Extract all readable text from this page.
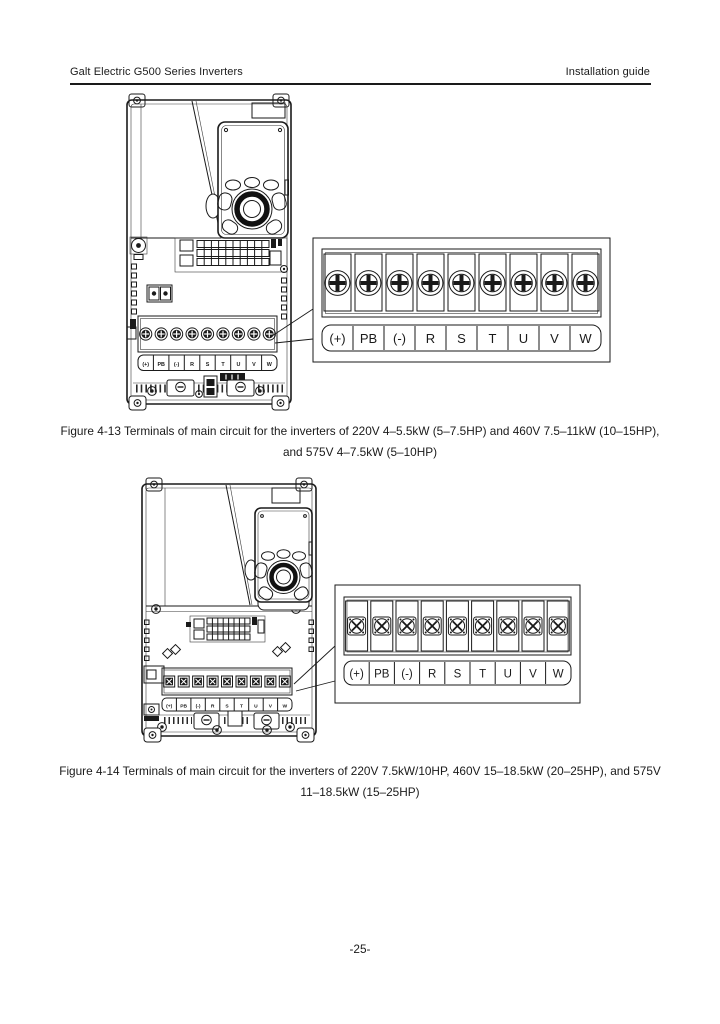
Galt Electric G500 Series Inverters	Installation guide
(+) PB (-) R S T U V W
(+) PB (-) R S T U V W
Figure 4-13 Terminals of main circuit for the inverters of 220V 4–5.5kW (5–7.5HP) and 460V 7.5–11kW (10–15HP), and 575V 4–7.5kW (5–10HP)
(+) PB (-) R S T U V W
(+) PB (-) R S T U V W
Figure 4-14 Terminals of main circuit for the inverters of 220V 7.5kW/10HP, 460V 15–18.5kW (20–25HP), and 575V 11–18.5kW (15–25HP)
-25-
